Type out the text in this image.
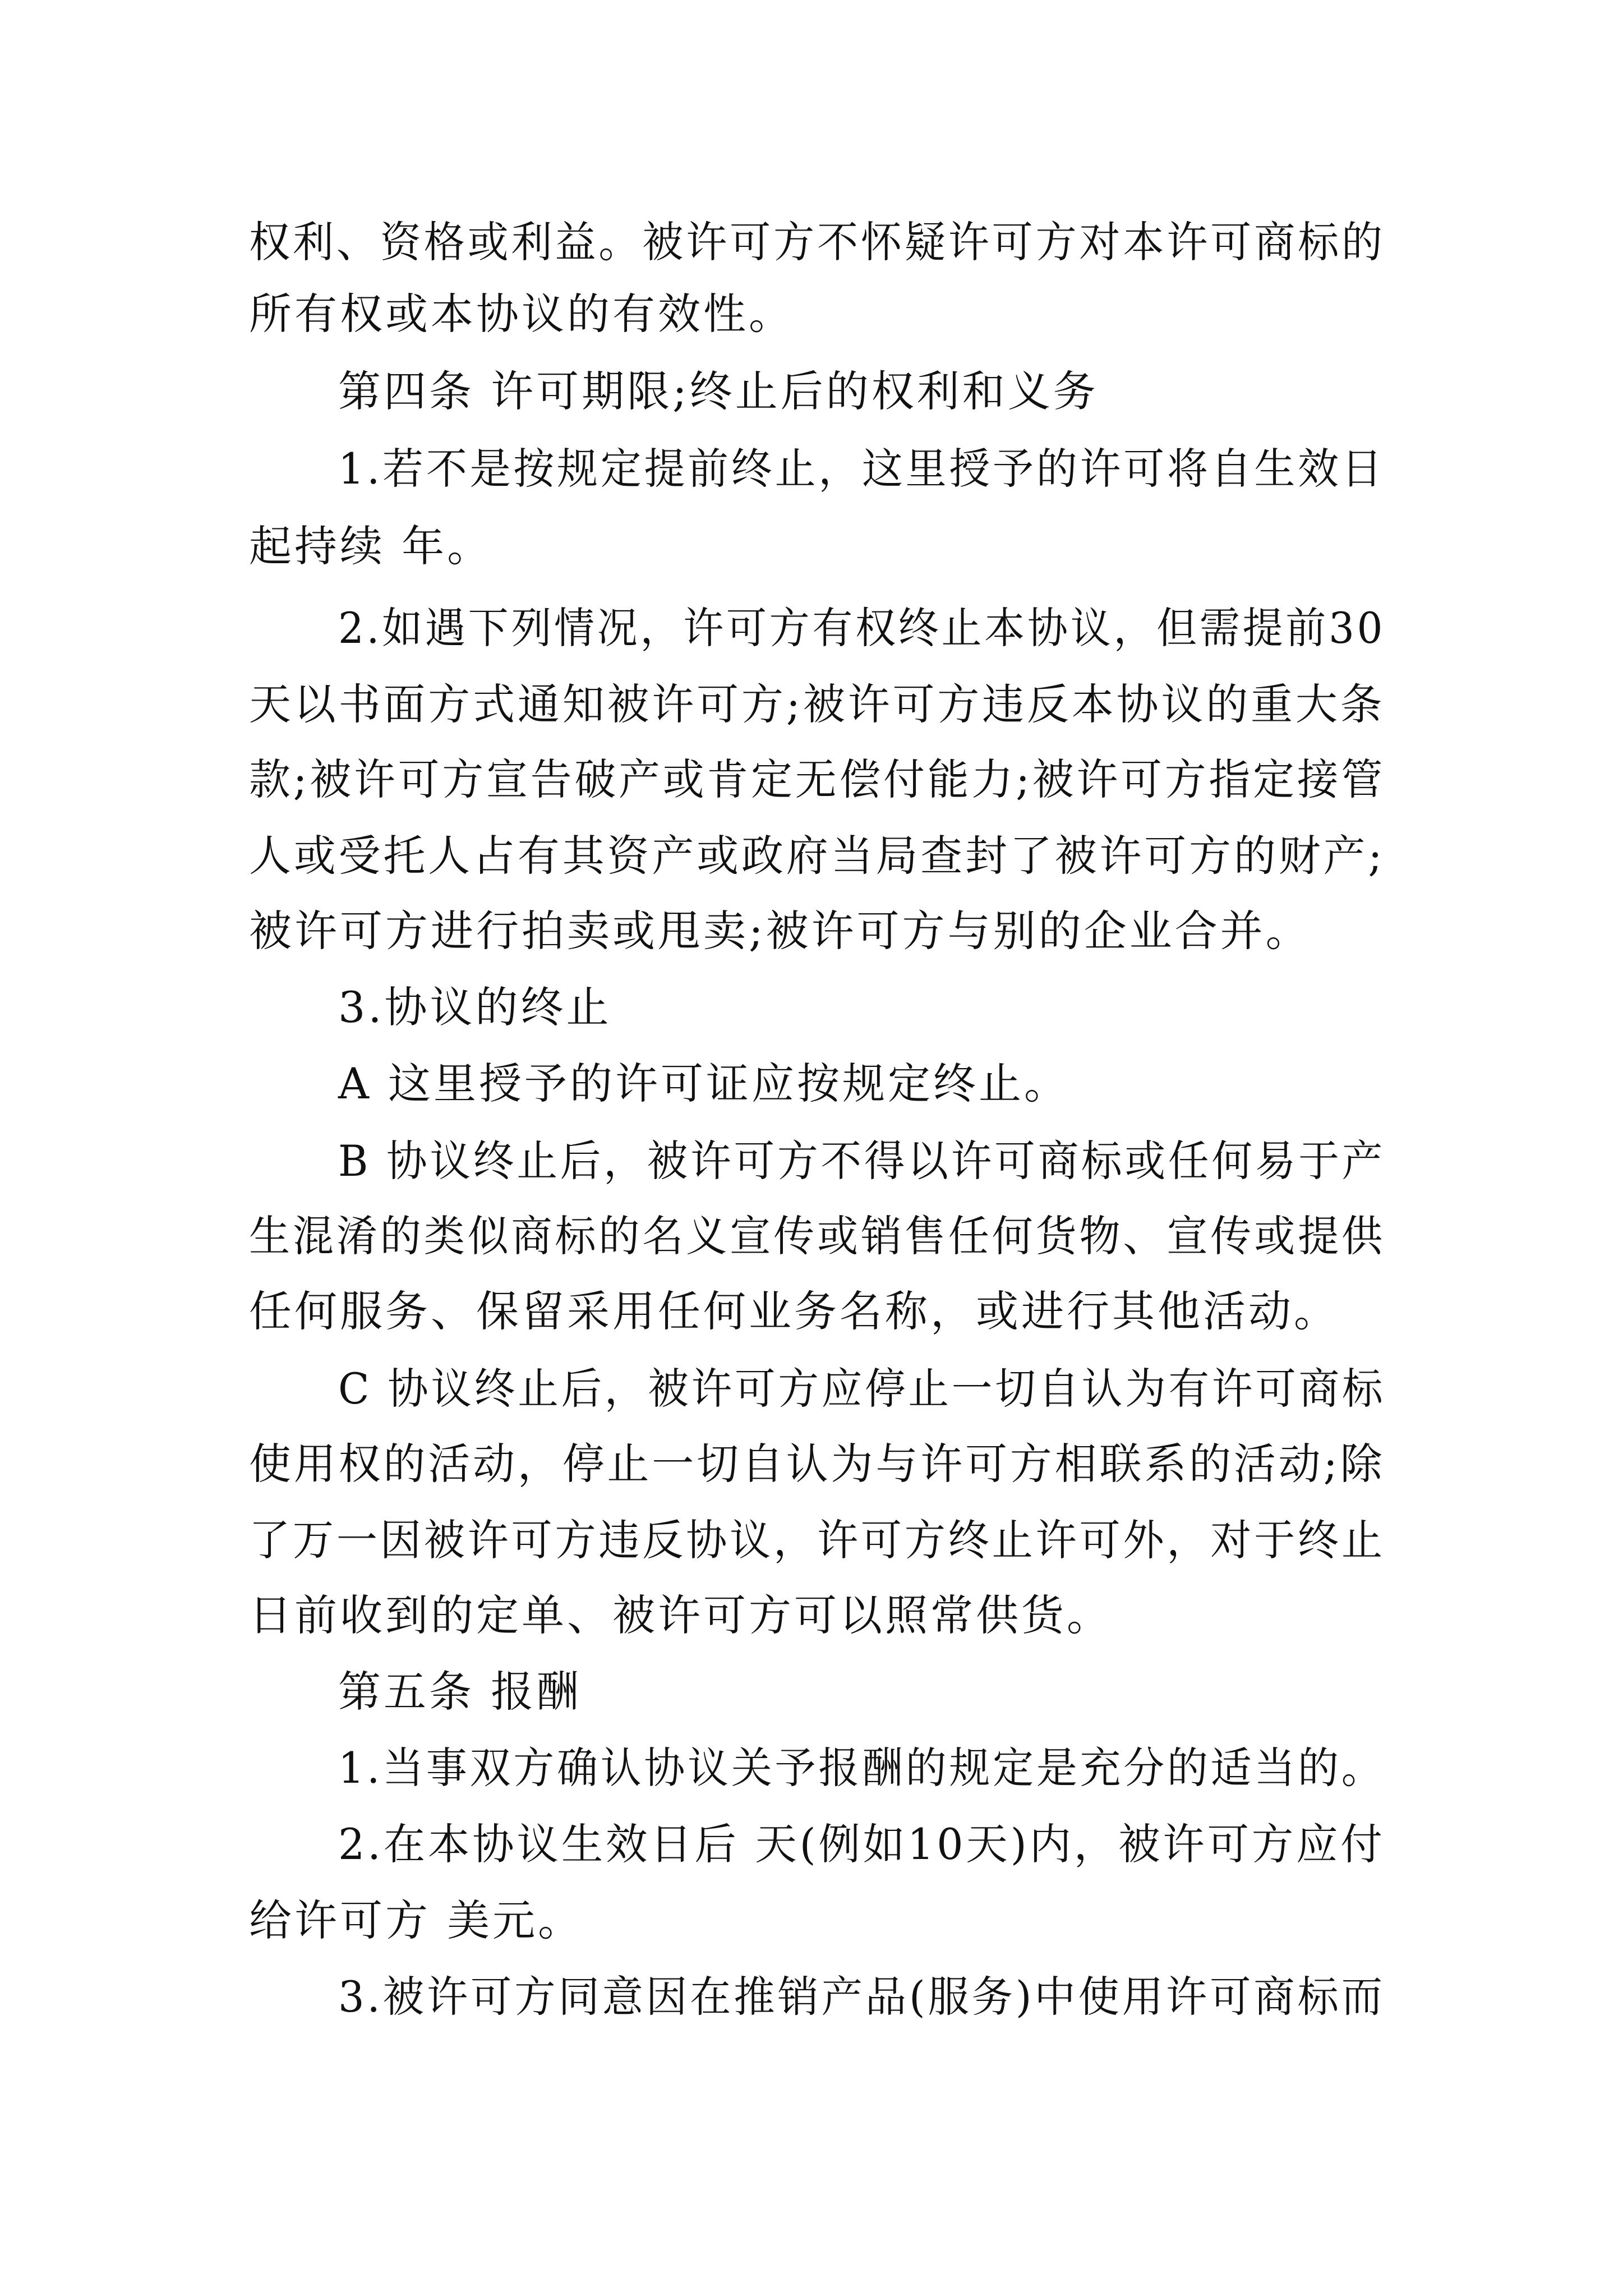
权利、资格或利益。被许可方不怀疑许可方对本许可商标的

所有权或本协议的有效性。

第四条 许可期限;终止后的权利和义务

1.若不是按规定提前终止，这里授予的许可将自生效日

起持续 年。

2.如遇下列情况，许可方有权终止本协议，但需提前30

天以书面方式通知被许可方;被许可方违反本协议的重大条

款;被许可方宣告破产或肯定无偿付能力;被许可方指定接管

人或受托人占有其资产或政府当局查封了被许可方的财产;

被许可方进行拍卖或甩卖;被许可方与别的企业合并。

3.协议的终止

A 这里授予的许可证应按规定终止。

B 协议终止后，被许可方不得以许可商标或任何易于产

生混淆的类似商标的名义宣传或销售任何货物、宣传或提供

任何服务、保留采用任何业务名称，或进行其他活动。

C 协议终止后，被许可方应停止一切自认为有许可商标

使用权的活动，停止一切自认为与许可方相联系的活动;除

了万一因被许可方违反协议，许可方终止许可外，对于终止

日前收到的定单、被许可方可以照常供货。

第五条 报酬

1.当事双方确认协议关予报酬的规定是充分的适当的。

2.在本协议生效日后 天(例如10天)内，被许可方应付

给许可方 美元。

3.被许可方同意因在推销产品(服务)中使用许可商标而
